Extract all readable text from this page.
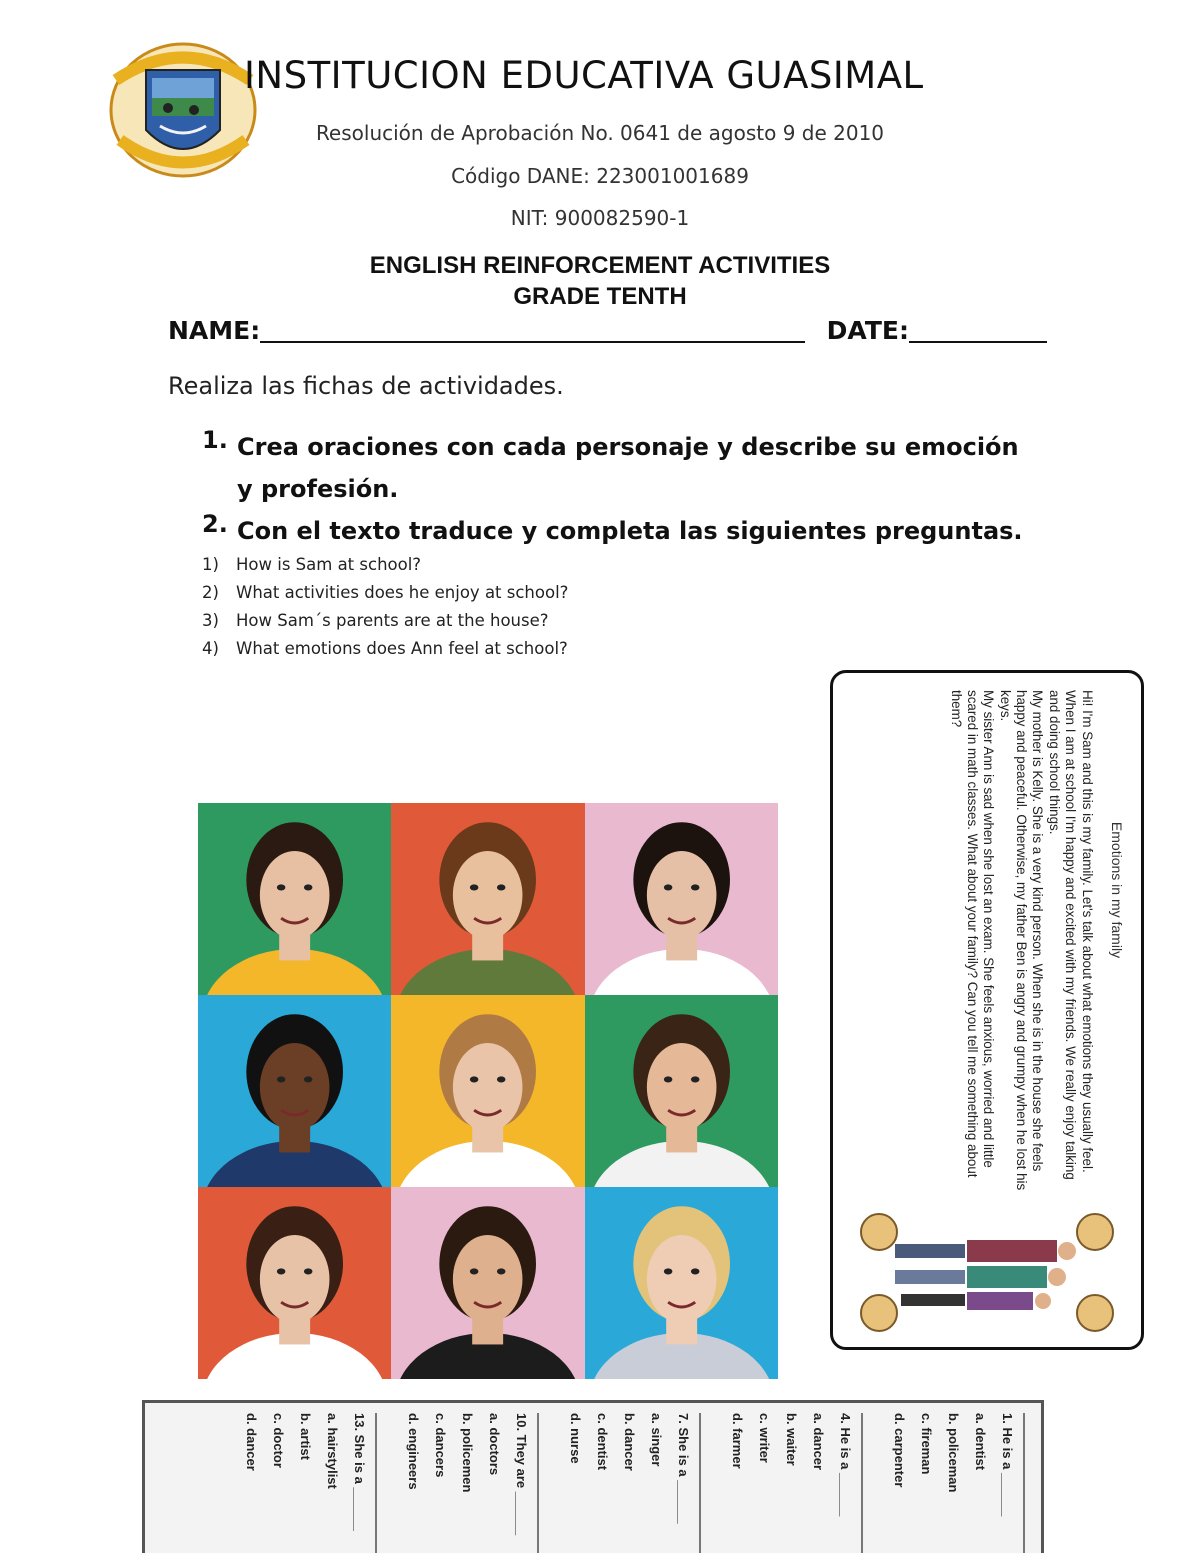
INSTITUCION EDUCATIVA GUASIMAL
Resolución de Aprobación No. 0641 de agosto 9 de 2010
Código DANE: 223001001689
NIT: 900082590-1
ENGLISH REINFORCEMENT ACTIVITIES
GRADE TENTH
NAME:	DATE:
Realiza las fichas de actividades.
1. Crea oraciones con cada personaje y describe su emoción y profesión.
2. Con el texto traduce y completa las siguientes preguntas.
1) How is Sam at school?
2) What activities does he enjoy at school?
3) How Sam´s parents are at the house?
4) What emotions does Ann feel at school?
Emotions in my family

Hi! I'm Sam and this is my family. Let's talk about what emotions they usually feel.

When I am at school I'm happy and excited with my friends. We really enjoy talking and doing school things.

My mother is Kelly. She is a very kind person. When she is in the house she feels happy and peaceful. Otherwise, my father Ben is angry and grumpy when he lost his keys.

My sister Ann is sad when she lost an exam. She feels anxious, worried and little scared in math classes. What about your family? Can you tell me something about them?

1. He is a ______
a. dentist
b. policeman
c. fireman
d. carpenter
4. He is a ______
a. dancer
b. waiter
c. writer
d. farmer
7. She is a ______
a. singer
b. dancer
c. dentist
d. nurse
10. They are ______
a. doctors
b. policemen
c. dancers
d. engineers
13. She is a ______
a. hairstylist
b. artist
c. doctor
d. dancer
